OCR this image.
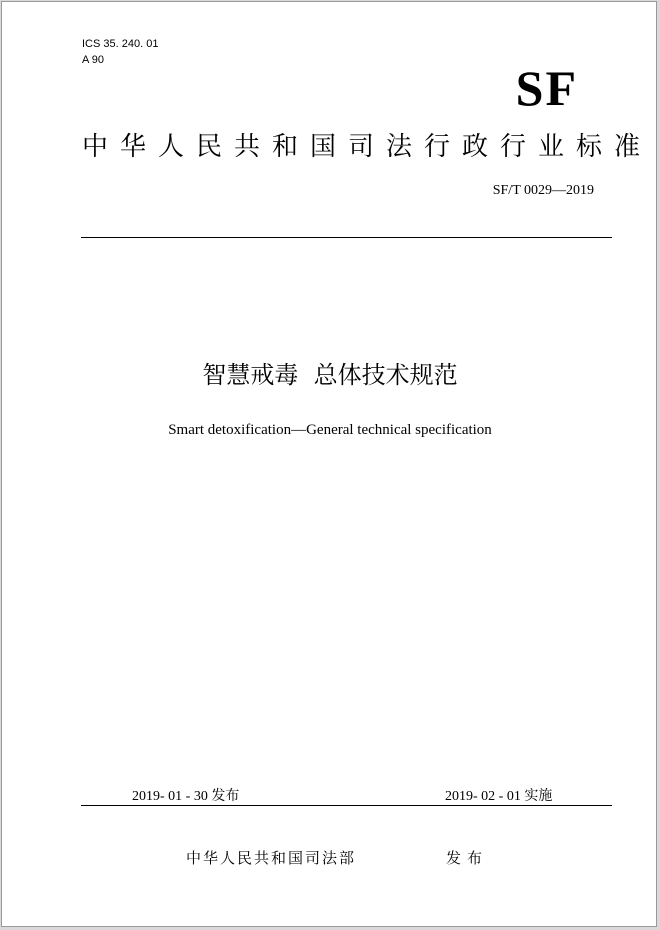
ICS 35. 240. 01
A 90	SF
中华人民共和国司法行政行业标准
SF/T 0029—2019
智慧戒毒  总体技术规范
Smart detoxification—General technical specification
2019- 01 - 30 发布	2019- 02 - 01 实施
中华人民共和国司法部	发布
